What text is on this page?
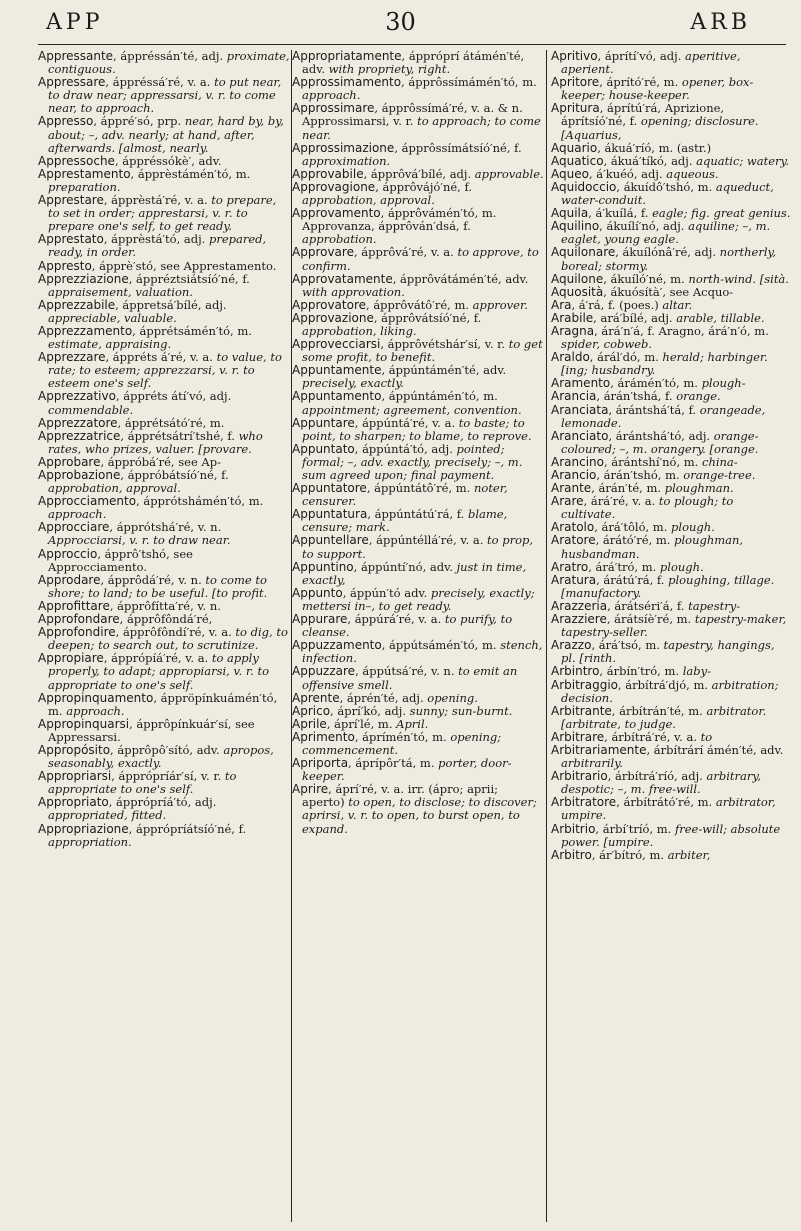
APP	30	ARB

Appressante, áppréssán′té, adj. proximate, contiguous.

Appressare, áppréssá′ré, v. a. to put near, to draw near; appressarsi, v. r. to come near, to approach.

Appresso, áppré′só, prp. near, hard by, by, about; –, adv. nearly; at hand, after, afterwards. [almost, nearly.

Appressoche, áppréssókè′, adv.

Apprestamento, ápprèstámén′tó, m. preparation.

Apprestare, ápprèstá′ré, v. a. to prepare, to set in order; apprestarsi, v. r. to prepare one's self, to get ready.

Apprestato, ápprèstá′tó, adj. prepared, ready, in order.

Appresto, ápprè′stó, see Apprestamento.

Apprezziazione, áppréztsiátsíó′né, f. appraisement, valuation.

Apprezzabile, áppretsá′bílé, adj. appreciable, valuable.

Apprezzamento, ápprétsámén′tó, m. estimate, appraising.

Apprezzare, áppréts á′ré, v. a. to value, to rate; to esteem; apprezzarsi, v. r. to esteem one's self.

Apprezzativo, áppréts átí′vó, adj. commendable.

Apprezzatore, ápprétsátó′ré, m.

Apprezzatrice, ápprétsátrí′tshé, f. who rates, who prizes, valuer. [provare.

Approbare, áppróbá′ré, see Ap-

Approbazione, áppróbátsíó′né, f. approbation, approval.

Approcciamento, ápprótshámén′tó, m. approach.

Approcciare, ápprótshá′ré, v. n. Approcciarsi, v. r. to draw near.

Approccio, ápprô′tshó, see Approcciamento.

Approdare, ápprôdá′ré, v. n. to come to shore; to land; to be useful. [to profit.

Approfittare, ápprôfítta′ré, v. n.

Approfondare, ápprôfôndá′ré,

Approfondire, ápprôfôndí′ré, v. a. to dig, to deepen; to search out, to scrutinize.

Appropiare, ápprópíá′ré, v. a. to apply properly, to adapt; appropiarsi, v. r. to appropriate to one's self.

Appropinquamento, áppröpínkuámén′tó, m. approach.

Appropinquarsi, ápprôpínkuár′sí, see Appressarsi.

Appropósito, ápprôpô′sító, adv. apropos, seasonably, exactly.

Appropriarsi, ápprópríár′sí, v. r. to appropriate to one's self.

Appropriato, ápprópríá′tó, adj. appropriated, fitted.

Appropriazione, ápprópríátsíó′né, f. appropriation.

Appropriatamente, áppróprí átámén′té, adv. with propriety, right.

Approssimamento, ápprôssímámén′tó, m. approach.

Approssimare, ápprôssímá′ré, v. a. & n. Approssimarsi, v. r. to approach; to come near.

Approssimazione, ápprôssímátsíó′né, f. approximation.

Approvabile, ápprôvá′bílé, adj. approvable.

Approvagione, ápprôvájó′né, f. approbation, approval.

Approvamento, ápprôvámén′tó, m. Approvanza, ápprôván′dsá, f. approbation.

Approvare, ápprôvá′ré, v. a. to approve, to confirm.

Approvatamente, ápprôvátámén′té, adv. with approvation.

Approvatore, ápprôvátô′ré, m. approver.

Approvazione, ápprôvátsíó′né, f. approbation, liking.

Approvecciarsi, ápprôvétshár′sí, v. r. to get some profit, to benefit.

Appuntamente, áppúntámén′té, adv. precisely, exactly.

Appuntamento, áppúntámén′tó, m. appointment; agreement, convention.

Appuntare, áppúntá′ré, v. a. to baste; to point, to sharpen; to blame, to reprove.

Appuntato, áppúntá′tó, adj. pointed; formal; –, adv. exactly, precisely; –, m. sum agreed upon; final payment.

Appuntatore, áppúntátô′ré, m. noter, censurer.

Appuntatura, áppúntátú′rá, f. blame, censure; mark.

Appuntellare, áppúntéllá′ré, v. a. to prop, to support.

Appuntino, áppúntí′nó, adv. just in time, exactly,

Appunto, áppún′tó adv. precisely, exactly; mettersi in–, to get ready.

Appurare, áppúrá′ré, v. a. to purify, to cleanse.

Appuzzamento, áppútsámén′tó, m. stench, infection.

Appuzzare, áppútsá′ré, v. n. to emit an offensive smell.

Aprente, áprén′té, adj. opening.

Aprico, áprí′kó, adj. sunny; sun-burnt.

Aprile, áprí′lé, m. April.

Aprimento, áprímén′tó, m. opening; commencement.

Apriporta, áprípôr′tá, m. porter, door-keeper.

Aprire, áprí′ré, v. a. irr. (ápro; aprii; aperto) to open, to disclose; to discover; aprirsi, v. r. to open, to burst open, to expand.

Apritivo, áprítí′vó, adj. aperitive, aperient.

Apritore, áprító′ré, m. opener, box-keeper; house-keeper.

Apritura, áprítú′rá, Aprizione, áprítsíó′né, f. opening; disclosure. [Aquarius,

Aquario, ákuá′ríó, m. (astr.)

Aquatico, ákuá′tíkó, adj. aquatic; watery.

Aqueo, á′kuéó, adj. aqueous.

Aquidoccio, ákuídô′tshó, m. aqueduct, water-conduit.

Aquila, á′kuílá, f. eagle; fig. great genius.

Aquilino, ákuílí′nó, adj. aquiline; –, m. eaglet, young eagle.

Aquilonare, ákuílónâ′ré, adj. northerly, boreal; stormy.

Aquilone, ákuíló′né, m. north-wind. [sità.

Aquosità, ákuósítà′, see Acquo-

Ara, á′rá, f. (poes.) altar.

Arabile, ará′bílé, adj. arable, tillable.

Aragna, árá′n′á, f. Aragno, árá′n′ó, m. spider, cobweb.

Araldo, árál′dó, m. herald; harbinger. [ing; husbandry.

Aramento, árámén′tó, m. plough-

Arancia, árán′tshá, f. orange.

Aranciata, árántshá′tá, f. orangeade, lemonade.

Aranciato, árántshá′tó, adj. orange-coloured; –, m. orangery. [orange.

Arancino, árántshí′nó, m. china-

Arancio, árán′tshó, m. orange-tree.

Arante, árán′té, m. ploughman.

Arare, árá′ré, v. a. to plough; to cultivate.

Aratolo, árá′tôló, m. plough.

Aratore, árátó′ré, m. ploughman, husbandman.

Aratro, árá′tró, m. plough.

Aratura, árátú′rá, f. ploughing, tillage. [manufactory.

Arazzeria, árátséri′á, f. tapestry-

Arazziere, árátsíè′ré, m. tapestry-maker, tapestry-seller.

Arazzo, árá′tsó, m. tapestry, hangings, pl. [rinth.

Arbintro, árbín′tró, m. laby-

Arbitraggio, árbítrá′djó, m. arbitration; decision.

Arbitrante, árbítrán′té, m. arbitrator. [arbitrate, to judge.

Arbitrare, árbítrá′ré, v. a. to

Arbitrariamente, árbítrárí ámén′té, adv. arbitrarily.

Arbitrario, árbítrá′ríó, adj. arbitrary, despotic; –, m. free-will.

Arbitratore, árbítrátó′ré, m. arbitrator, umpire.

Arbitrio, árbí′tríó, m. free-will; absolute power. [umpire.

Arbitro, ár′bítró, m. arbiter,
